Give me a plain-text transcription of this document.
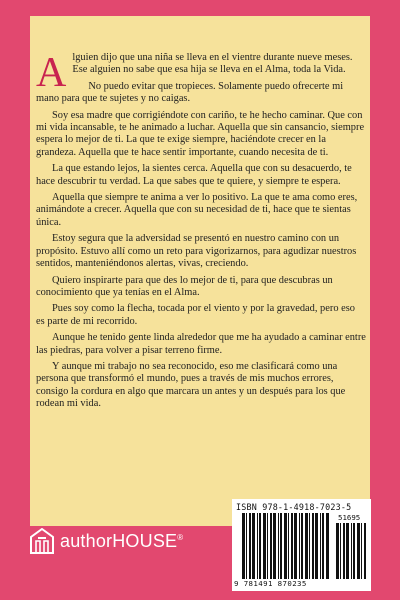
Alguien dijo que una niña se lleva en el vientre durante nueve meses. Ese alguien no sabe que esa hija se lleva en el Alma, toda la Vida.

No puedo evitar que tropieces. Solamente puedo ofrecerte mi mano para que te sujetes y no caigas.

Soy esa madre que corrigiéndote con cariño, te he hecho caminar. Que con mi vida incansable, te he animado a luchar. Aquella que sin cansancio, siempre espera lo mejor de ti. La que te exige siempre, haciéndote crecer en la grandeza. Aquella que te hace sentir importante, cuando necesita de ti.

La que estando lejos, la sientes cerca. Aquella que con su desacuerdo, te hace descubrir tu verdad. La que sabes que te quiere, y siempre te espera.

Aquella que siempre te anima a ver lo positivo. La que te ama como eres, animándote a crecer. Aquella que con su necesidad de ti, hace que te sientas única.

Estoy segura que la adversidad se presentó en nuestro camino con un propósito. Estuvo allí como un reto para vigorizarnos, para agudizar nuestros sentidos, manteniéndonos alertas, vivas, creciendo.

Quiero inspirarte para que des lo mejor de ti, para que descubras un conocimiento que ya tenías en el Alma.

Pues soy como la flecha, tocada por el viento y por la gravedad, pero eso es parte de mi recorrido.

Aunque he tenido gente linda alrededor que me ha ayudado a caminar entre las piedras, para volver a pisar terreno firme.

Y aunque mi trabajo no sea reconocido, eso me clasificará como una persona que transformó el mundo, pues a través de mis muchos errores, consigo la cordura en algo que marcara un antes y un después para los que rodean mi vida.

authorHOUSE®
ISBN 978-1-4918-7023-5
51695
9 781491 870235
